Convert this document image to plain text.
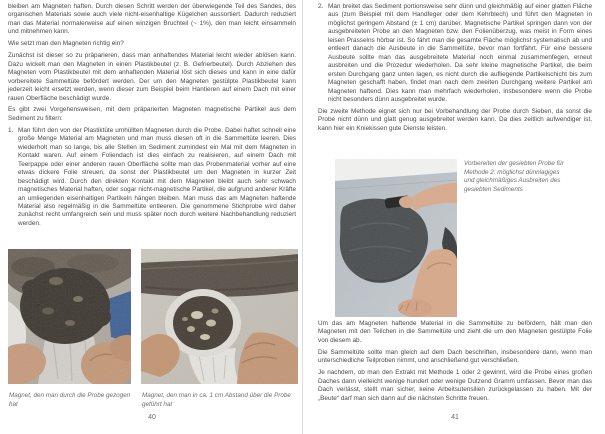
bleiben am Magneten haften. Durch diesen Schritt werden der überwiegende Teil des Sandes, des organischen Materials sowie auch viele nicht-eisenhaltige Kügelchen aussortiert. Dadurch reduziert man das Material normalerweise auf einen winzigen Bruchteil (~ 1%), den man leicht einsammeln und mitnehmen kann.

Wie setzt man den Magneten richtig ein?

Zunächst ist dieser so zu präparieren, dass man anhaftendes Material leicht wieder ablösen kann. Dazu wickelt man den Magneten in einen Plastikbeutel (z. B. Gefrierbeutel). Durch Abziehen des Magneten vom Plastikbeutel mit dem anhaftenden Material löst sich dieses und kann in eine dafür vorbereitete Sammeltüte befördert werden. Der um den Magneten gestülpte Plastikbeutel kann jederzeit leicht ersetzt werden, wenn dieser zum Beispiel beim Hantieren auf einem Dach mit einer rauen Oberfläche beschädigt wurde.

Es gibt zwei Vorgehensweisen, mit dem präparierten Magneten magnetische Partikel aus dem Sediment zu filtern:

1. Man führt den von der Plastiktüte umhüllten Magneten durch die Probe. Dabei haftet schnell eine große Menge Material am Magneten und man muss diesen oft in die Sammeltüte leeren. Dies wiederholt man so lange, bis alle Stellen im Sediment zumindest ein Mal mit dem Magneten in Kontakt waren. Auf einem Foliendach ist dies einfach zu realisieren, auf einem Dach mit Teerpappe oder einer anderen rauen Oberfläche sollte man das Probenmaterial vorher auf eine etwas dickere Folie streuen, da sonst der Plastikbeutel um den Magneten in kurzer Zeit beschädigt wird. Durch den direkten Kontakt mit dem Magneten bleibt auch sehr schwach magnetisches Material haften, oder sogar nicht-magnetische Partikel, die aufgrund anderer Kräfte an umliegenden eisenhaltigen Partikeln hängen bleiben. Man muss das am Magneten haftende Material also regelmäßig in die Sammeltüte entleeren. Die genommene Stichprobe wird daher zunächst recht umfangreich sein und muss später noch durch weitere Nachbehandlung reduziert werden.
Magnet, den man durch die Probe gezogen hat
Magnet, den man in ca. 1 cm Abstand über die Probe geführt hat
40
2. Man breitet das Sediment portionsweise sehr dünn und gleichmäßig auf einer glatten Fläche aus (zum Beispiel mit dem Handfeger oder dem Kehrblech) und führt den Magneten in möglichst geringem Abstand (± 1 cm) darüber. Magnetische Partikel springen dann von der ausgebreiteten Probe an den Magneten bzw. den Folienüberzug, was meist in Form eines leisen Prasselns hörbar ist. So fährt man die gesamte Fläche möglichst systematisch ab und entleert danach die Ausbeute in die Sammeltüte, bevor man fortfährt. Für eine bessere Ausbeute sollte man das ausgebreitete Material noch einmal zusammenfegen, erneut ausbreiten und die Prozedur wiederholen. Da sehr kleine magnetische Partikel, die beim ersten Durchgang ganz unten lagen, es nicht durch die aufliegende Partikelschicht bis zum Magneten geschafft haben, findet man nach dem zweiten Durchgang weitere Partikel am Magneten haftend. Dies kann man mehrfach wiederholen, insbesondere wenn die Probe nicht besonders dünn ausgebreitet wurde.

Die zweite Methode eignet sich nur bei Vorbehandlung der Probe durch Sieben, da sonst die Probe nicht dünn und glatt genug ausgebreitet werden kann. Da dies zeitlich aufwendiger ist, kann hier ein Kniekissen gute Dienste leisten.

Vorbereiten der gesiebten Probe für Methode 2: möglichst dünnlagiges und gleichmäßiges Ausbreiten des gesiebten Sediments

Um das am Magneten haftende Material in die Sammeltüte zu befördern, hält man den Magneten mit den Teilchen in die Sammeltüte und zieht die um den Magneten gestülpte Folie von diesem ab.

Die Sammeltüte sollte man gleich auf dem Dach beschriften, insbesondere dann, wenn man unterschiedliche Teilproben nimmt, und anschließend gut verschließen.

Je nachdem, ob man den Extrakt mit Methode 1 oder 2 gewinnt, wird die Probe eines großen Daches dann vielleicht wenige hundert oder wenige Dutzend Gramm umfassen. Bevor man das Dach verlässt, stellt man sicher, keine Arbeitsutensilien zurückgelassen zu haben. Mit der „Beute“ darf man sich dann auf die nächsten Schritte freuen.

41
